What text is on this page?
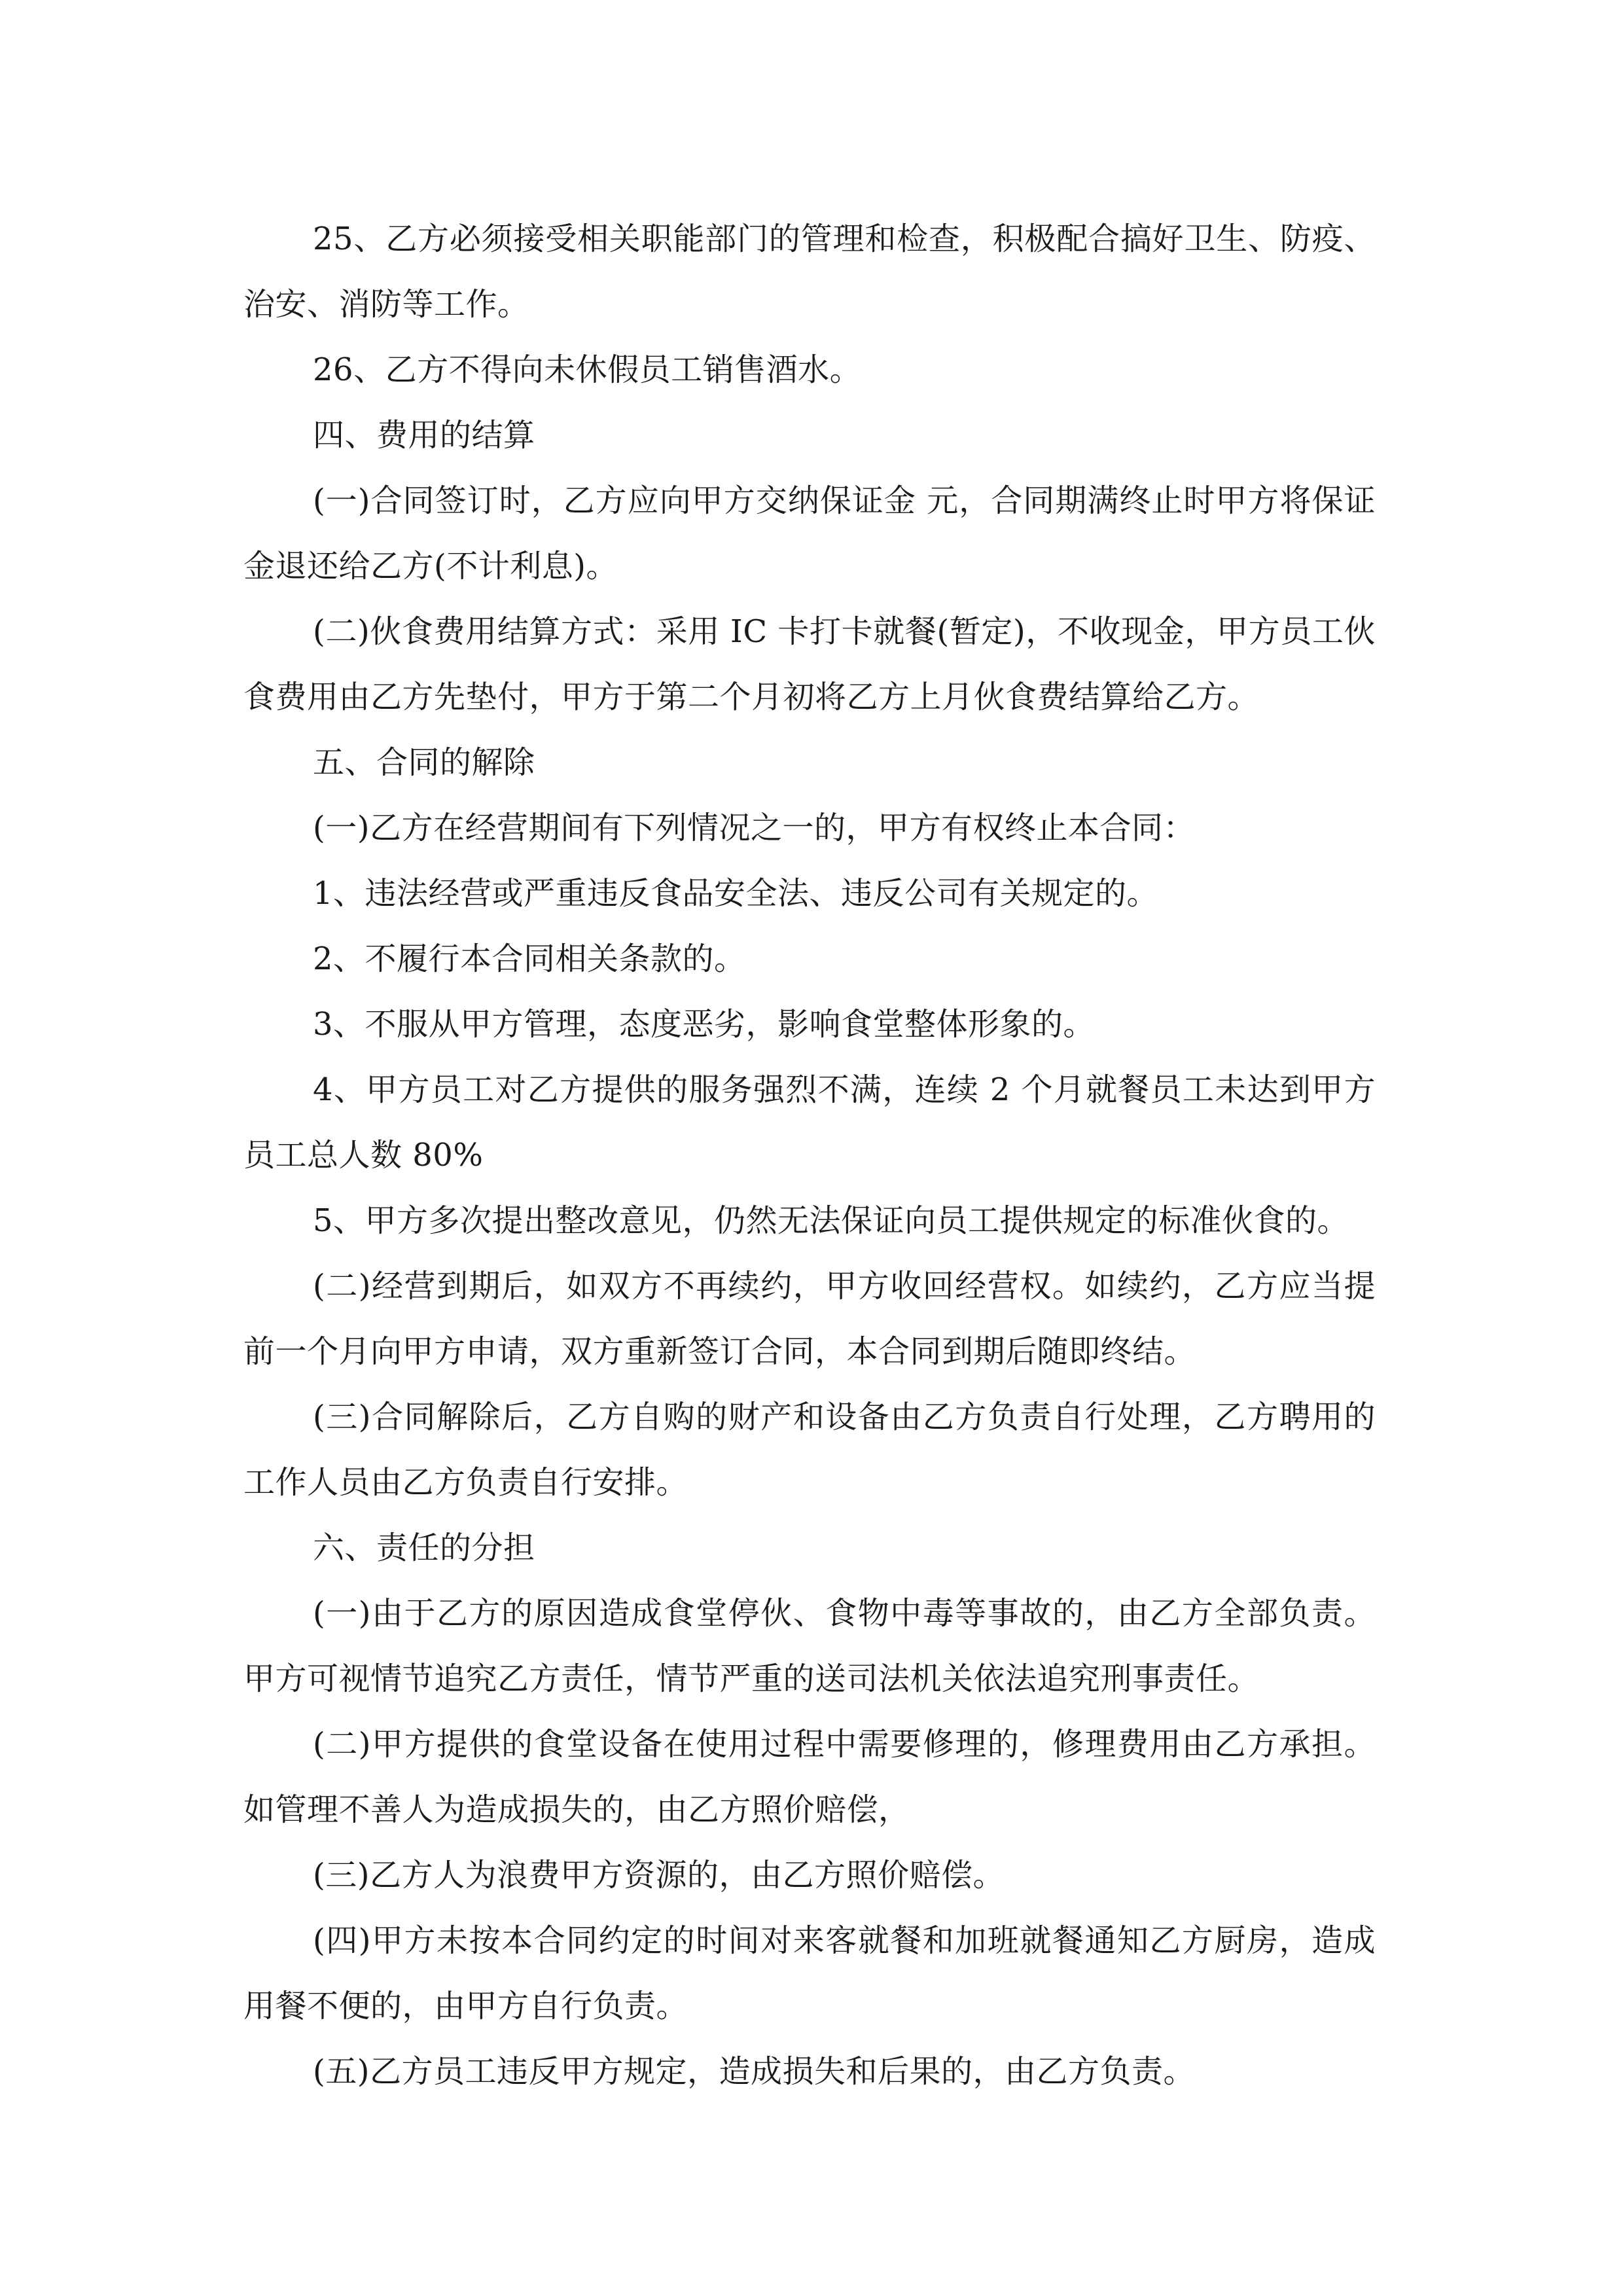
25、乙方必须接受相关职能部门的管理和检查，积极配合搞好卫生、防疫、治安、消防等工作。

26、乙方不得向未休假员工销售酒水。

四、费用的结算

(一)合同签订时，乙方应向甲方交纳保证金 元，合同期满终止时甲方将保证金退还给乙方(不计利息)。

(二)伙食费用结算方式：采用 IC 卡打卡就餐(暂定)，不收现金，甲方员工伙食费用由乙方先垫付，甲方于第二个月初将乙方上月伙食费结算给乙方。

五、合同的解除

(一)乙方在经营期间有下列情况之一的，甲方有权终止本合同：

1、违法经营或严重违反食品安全法、违反公司有关规定的。

2、不履行本合同相关条款的。

3、不服从甲方管理，态度恶劣，影响食堂整体形象的。

4、甲方员工对乙方提供的服务强烈不满，连续 2 个月就餐员工未达到甲方员工总人数 80%

5、甲方多次提出整改意见，仍然无法保证向员工提供规定的标准伙食的。

(二)经营到期后，如双方不再续约，甲方收回经营权。如续约，乙方应当提前一个月向甲方申请，双方重新签订合同，本合同到期后随即终结。

(三)合同解除后，乙方自购的财产和设备由乙方负责自行处理，乙方聘用的工作人员由乙方负责自行安排。

六、责任的分担

(一)由于乙方的原因造成食堂停伙、食物中毒等事故的，由乙方全部负责。甲方可视情节追究乙方责任，情节严重的送司法机关依法追究刑事责任。

(二)甲方提供的食堂设备在使用过程中需要修理的，修理费用由乙方承担。如管理不善人为造成损失的，由乙方照价赔偿，

(三)乙方人为浪费甲方资源的，由乙方照价赔偿。

(四)甲方未按本合同约定的时间对来客就餐和加班就餐通知乙方厨房，造成用餐不便的，由甲方自行负责。

(五)乙方员工违反甲方规定，造成损失和后果的，由乙方负责。
